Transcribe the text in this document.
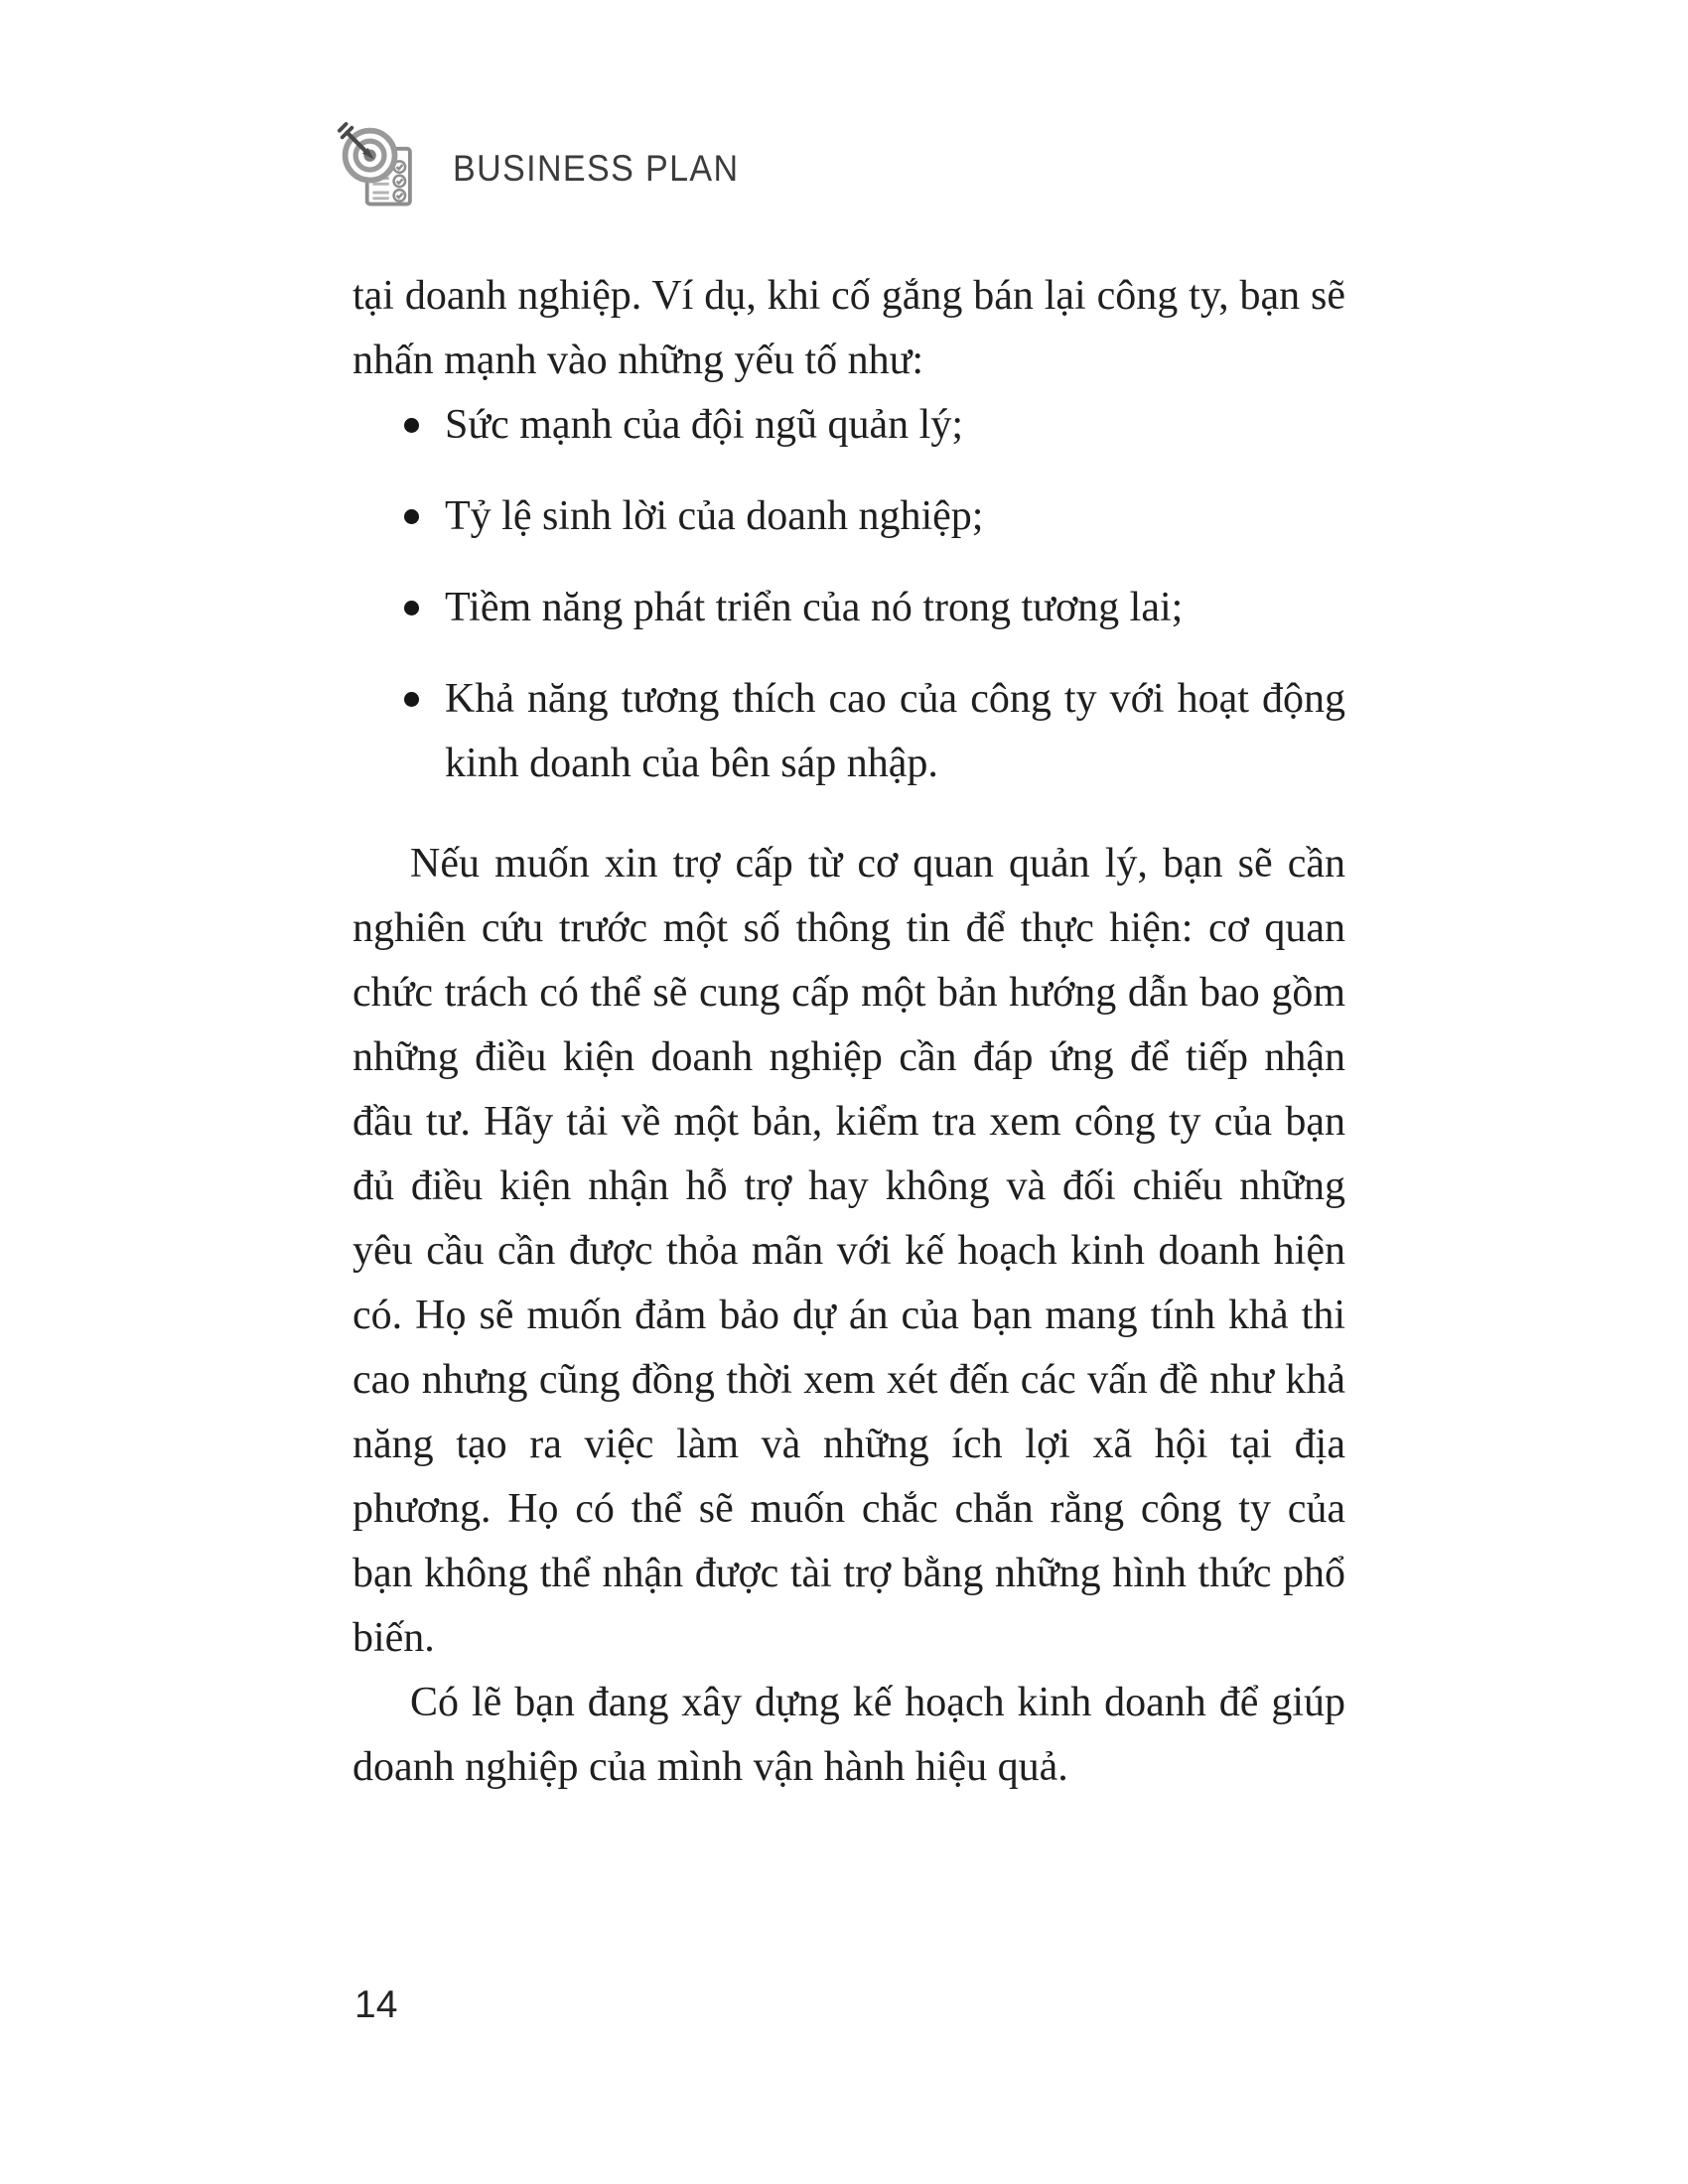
BUSINESS PLAN

tại doanh nghiệp. Ví dụ, khi cố gắng bán lại công ty, bạn sẽ nhấn mạnh vào những yếu tố như:

Sức mạnh của đội ngũ quản lý;
Tỷ lệ sinh lời của doanh nghiệp;
Tiềm năng phát triển của nó trong tương lai;
Khả năng tương thích cao của công ty với hoạt động kinh doanh của bên sáp nhập.

Nếu muốn xin trợ cấp từ cơ quan quản lý, bạn sẽ cần nghiên cứu trước một số thông tin để thực hiện: cơ quan chức trách có thể sẽ cung cấp một bản hướng dẫn bao gồm những điều kiện doanh nghiệp cần đáp ứng để tiếp nhận đầu tư. Hãy tải về một bản, kiểm tra xem công ty của bạn đủ điều kiện nhận hỗ trợ hay không và đối chiếu những yêu cầu cần được thỏa mãn với kế hoạch kinh doanh hiện có. Họ sẽ muốn đảm bảo dự án của bạn mang tính khả thi cao nhưng cũng đồng thời xem xét đến các vấn đề như khả năng tạo ra việc làm và những ích lợi xã hội tại địa phương. Họ có thể sẽ muốn chắc chắn rằng công ty của bạn không thể nhận được tài trợ bằng những hình thức phổ biến.

Có lẽ bạn đang xây dựng kế hoạch kinh doanh để giúp doanh nghiệp của mình vận hành hiệu quả.

14
